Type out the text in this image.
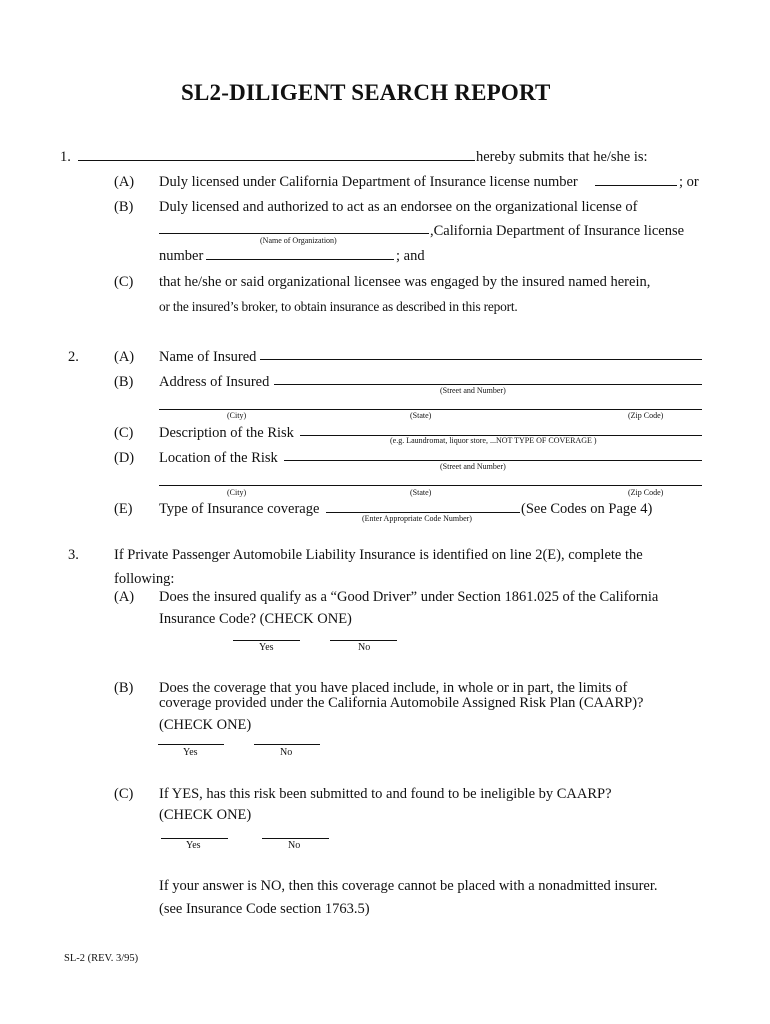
SL2-DILIGENT SEARCH REPORT
1.	hereby submits that he/she is:
(A) Duly licensed under California Department of Insurance license number	; or
(B) Duly licensed and authorized to act as an endorsee on the organizational license of
,California Department of Insurance license
(Name of Organization)
number	; and
(C) that he/she or said organizational licensee was engaged by the insured named herein,
or the insured’s broker, to obtain insurance as described in this report.
2. (A) Name of Insured
(B) Address of Insured
(Street and Number)
(City)	(State)	(Zip Code)
(C) Description of the Risk	(e.g. Laundromat, liquor store, ...NOT TYPE OF COVERAGE )
(D) Location of the Risk
(Street and Number)
(City)	(State)	(Zip Code)
(E) Type of Insurance coverage
(Enter Appropriate Code Number)
(See Codes on Page 4)
3. If Private Passenger Automobile Liability Insurance is identified on line 2(E), complete the
following:
(A) Does the insured qualify as a “Good Driver” under Section 1861.025 of the California
Insurance Code? (CHECK ONE)
Yes	No
(B) Does the coverage that you have placed include, in whole or in part, the limits of
coverage provided under the California Automobile Assigned Risk Plan (CAARP)?
(CHECK ONE)
Yes	No
(C) If YES, has this risk been submitted to and found to be ineligible by CAARP?
(CHECK ONE)
Yes	No
If your answer is NO, then this coverage cannot be placed with a nonadmitted insurer.
(see Insurance Code section 1763.5)
SL-2 (REV. 3/95)
